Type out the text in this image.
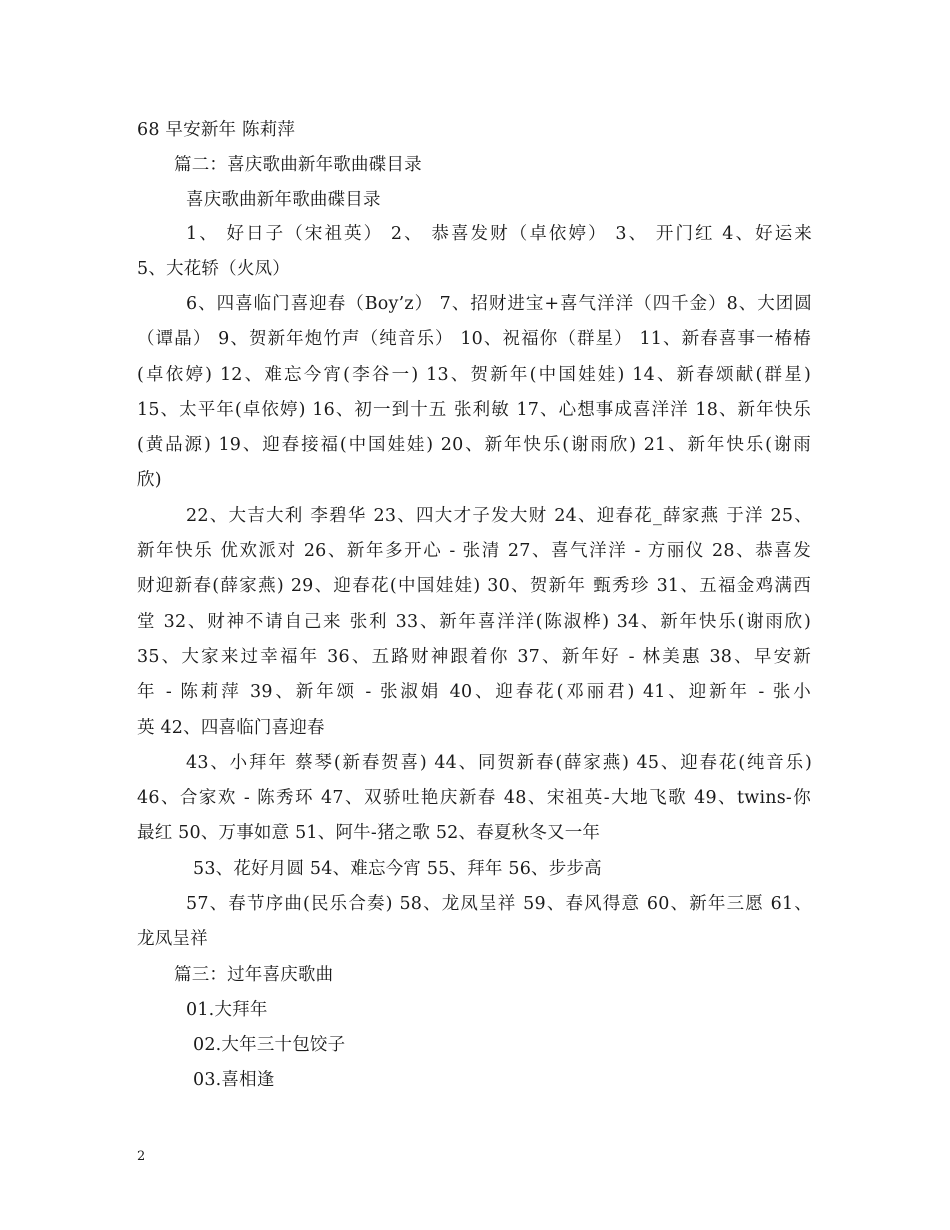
68 早安新年 陈莉萍
篇二：喜庆歌曲新年歌曲碟目录
喜庆歌曲新年歌曲碟目录
1、 好日子（宋祖英） 2、 恭喜发财（卓依婷） 3、 开门红 4、好运来
5、大花轿（火凤）
6、四喜临门喜迎春（Boy’z） 7、招财进宝+喜气洋洋（四千金）8、大团圆
（谭晶） 9、贺新年炮竹声（纯音乐） 10、祝福你（群星） 11、新春喜事一椿椿
(卓依婷) 12、难忘今宵(李谷一) 13、贺新年(中国娃娃) 14、新春颂献(群星)
15、太平年(卓依婷) 16、初一到十五 张利敏 17、心想事成喜洋洋 18、新年快乐
(黄品源) 19、迎春接福(中国娃娃) 20、新年快乐(谢雨欣) 21、新年快乐(谢雨
欣)
22、大吉大利 李碧华 23、四大才子发大财 24、迎春花_薛家燕 于洋 25、
新年快乐 优欢派对 26、新年多开心 - 张清 27、喜气洋洋 - 方丽仪 28、恭喜发
财迎新春(薛家燕) 29、迎春花(中国娃娃) 30、贺新年 甄秀珍 31、五福金鸡满西
堂 32、财神不请自己来 张利 33、新年喜洋洋(陈淑桦) 34、新年快乐(谢雨欣)
35、大家来过幸福年 36、五路财神跟着你 37、新年好 - 林美惠 38、早安新
年 - 陈莉萍 39、新年颂 - 张淑娟 40、迎春花(邓丽君) 41、迎新年 - 张小
英 42、四喜临门喜迎春
43、小拜年 蔡琴(新春贺喜) 44、同贺新春(薛家燕) 45、迎春花(纯音乐)
46、合家欢 - 陈秀环 47、双骄吐艳庆新春 48、宋祖英-大地飞歌 49、twins-你
最红 50、万事如意 51、阿牛-猪之歌 52、春夏秋冬又一年
53、花好月圆 54、难忘今宵 55、拜年 56、步步高
57、春节序曲(民乐合奏) 58、龙凤呈祥 59、春风得意 60、新年三愿 61、
龙凤呈祥
篇三：过年喜庆歌曲
01.大拜年
02.大年三十包饺子
03.喜相逢
2
